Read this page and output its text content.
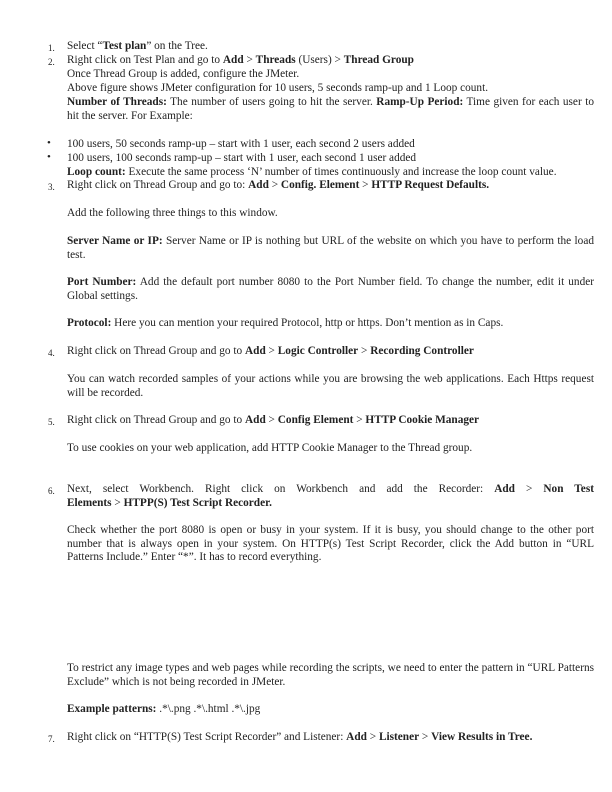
1.	Select “Test plan” on the Tree.
2.	Right click on Test Plan and go to Add > Threads (Users) > Thread Group
Once Thread Group is added, configure the JMeter.
Above figure shows JMeter configuration for 10 users, 5 seconds ramp-up and 1 Loop count.
Number of Threads: The number of users going to hit the server. Ramp-Up Period: Time given for each user to hit the server. For Example:
• 100 users, 50 seconds ramp-up – start with 1 user, each second 2 users added
• 100 users, 100 seconds ramp-up – start with 1 user, each second 1 user added
Loop count: Execute the same process ‘N’ number of times continuously and increase the loop count value.
3.	Right click on Thread Group and go to: Add > Config. Element > HTTP Request Defaults.
Add the following three things to this window.
Server Name or IP: Server Name or IP is nothing but URL of the website on which you have to perform the load test.
Port Number: Add the default port number 8080 to the Port Number field. To change the number, edit it under Global settings.
Protocol: Here you can mention your required Protocol, http or https. Don’t mention as in Caps.
4.	Right click on Thread Group and go to Add > Logic Controller > Recording Controller
You can watch recorded samples of your actions while you are browsing the web applications. Each Https request will be recorded.
5.	Right click on Thread Group and go to Add > Config Element > HTTP Cookie Manager
To use cookies on your web application, add HTTP Cookie Manager to the Thread group.
6.	Next, select Workbench. Right click on Workbench and add the Recorder: Add > Non Test
Elements > HTPP(S) Test Script Recorder.
Check whether the port 8080 is open or busy in your system. If it is busy, you should change to the other port number that is always open in your system. On HTTP(s) Test Script Recorder, click the Add button in “URL Patterns Include.” Enter “*”. It has to record everything.
To restrict any image types and web pages while recording the scripts, we need to enter the pattern in “URL Patterns Exclude” which is not being recorded in JMeter.
Example patterns: .*\.png .*\.html .*\.jpg
7.	Right click on “HTTP(S) Test Script Recorder” and Listener: Add > Listener > View Results in Tree.
